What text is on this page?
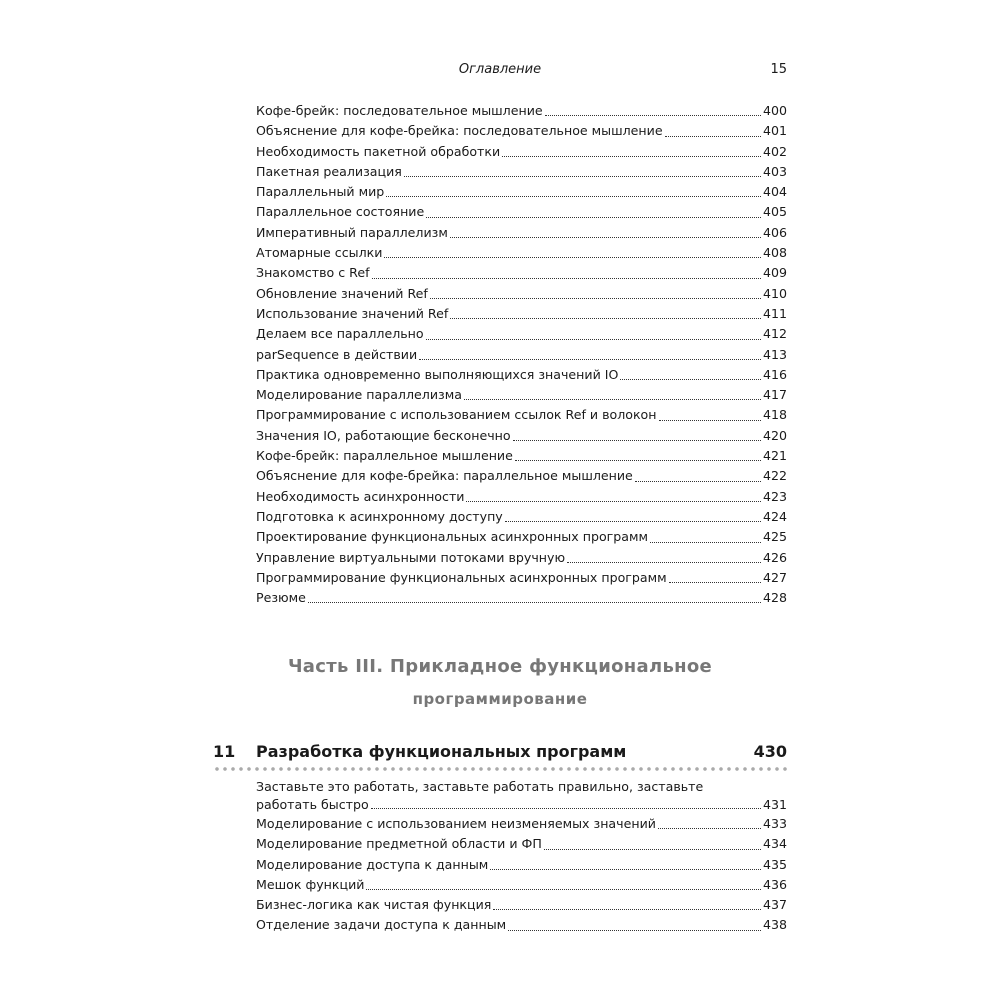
Оглавление	15
Кофе-брейк: последовательное мышление	400
Объяснение для кофе-брейка: последовательное мышление	401
Необходимость пакетной обработки	402
Пакетная реализация	403
Параллельный мир	404
Параллельное состояние	405
Императивный параллелизм	406
Атомарные ссылки	408
Знакомство с Ref	409
Обновление значений Ref	410
Использование значений Ref	411
Делаем все параллельно	412
parSequence в действии	413
Практика одновременно выполняющихся значений IO	416
Моделирование параллелизма	417
Программирование с использованием ссылок Ref и волокон	418
Значения IO, работающие бесконечно	420
Кофе-брейк: параллельное мышление	421
Объяснение для кофе-брейка: параллельное мышление	422
Необходимость асинхронности	423
Подготовка к асинхронному доступу	424
Проектирование функциональных асинхронных программ	425
Управление виртуальными потоками вручную	426
Программирование функциональных асинхронных программ	427
Резюме	428
Часть III. Прикладное функциональное
программирование
11 Разработка функциональных программ	430
Заставьте это работать, заставьте работать правильно, заставьте
работать быстро	431
Моделирование с использованием неизменяемых значений	433
Моделирование предметной области и ФП	434
Моделирование доступа к данным	435
Мешок функций	436
Бизнес-логика как чистая функция	437
Отделение задачи доступа к данным	438
